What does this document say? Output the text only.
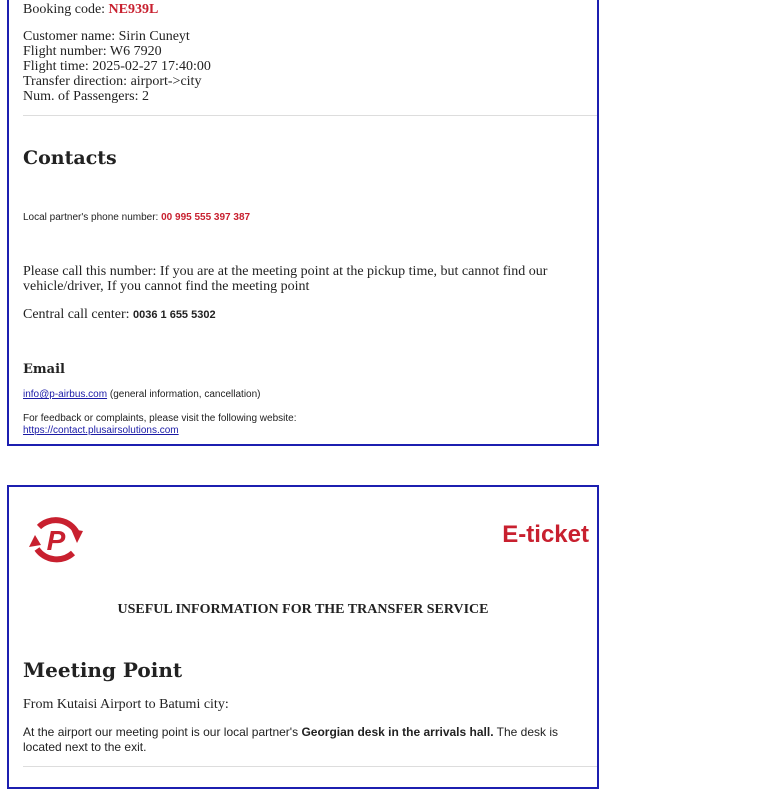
Booking code: NE939L
Customer name: Sirin Cuneyt
Flight number: W6 7920
Flight time: 2025-02-27 17:40:00
Transfer direction: airport->city
Num. of Passengers: 2
Contacts
Local partner's phone number: 00 995 555 397 387
Please call this number: If you are at the meeting point at the pickup time, but cannot find our vehicle/driver, If you cannot find the meeting point
Central call center: 0036 1 655 5302
Email
info@p-airbus.com (general information, cancellation)
For feedback or complaints, please visit the following website:
https://contact.plusairsolutions.com
P	E-ticket
USEFUL INFORMATION FOR THE TRANSFER SERVICE
Meeting Point
From Kutaisi Airport to Batumi city:
At the airport our meeting point is our local partner's Georgian desk in the arrivals hall. The desk is located next to the exit.
